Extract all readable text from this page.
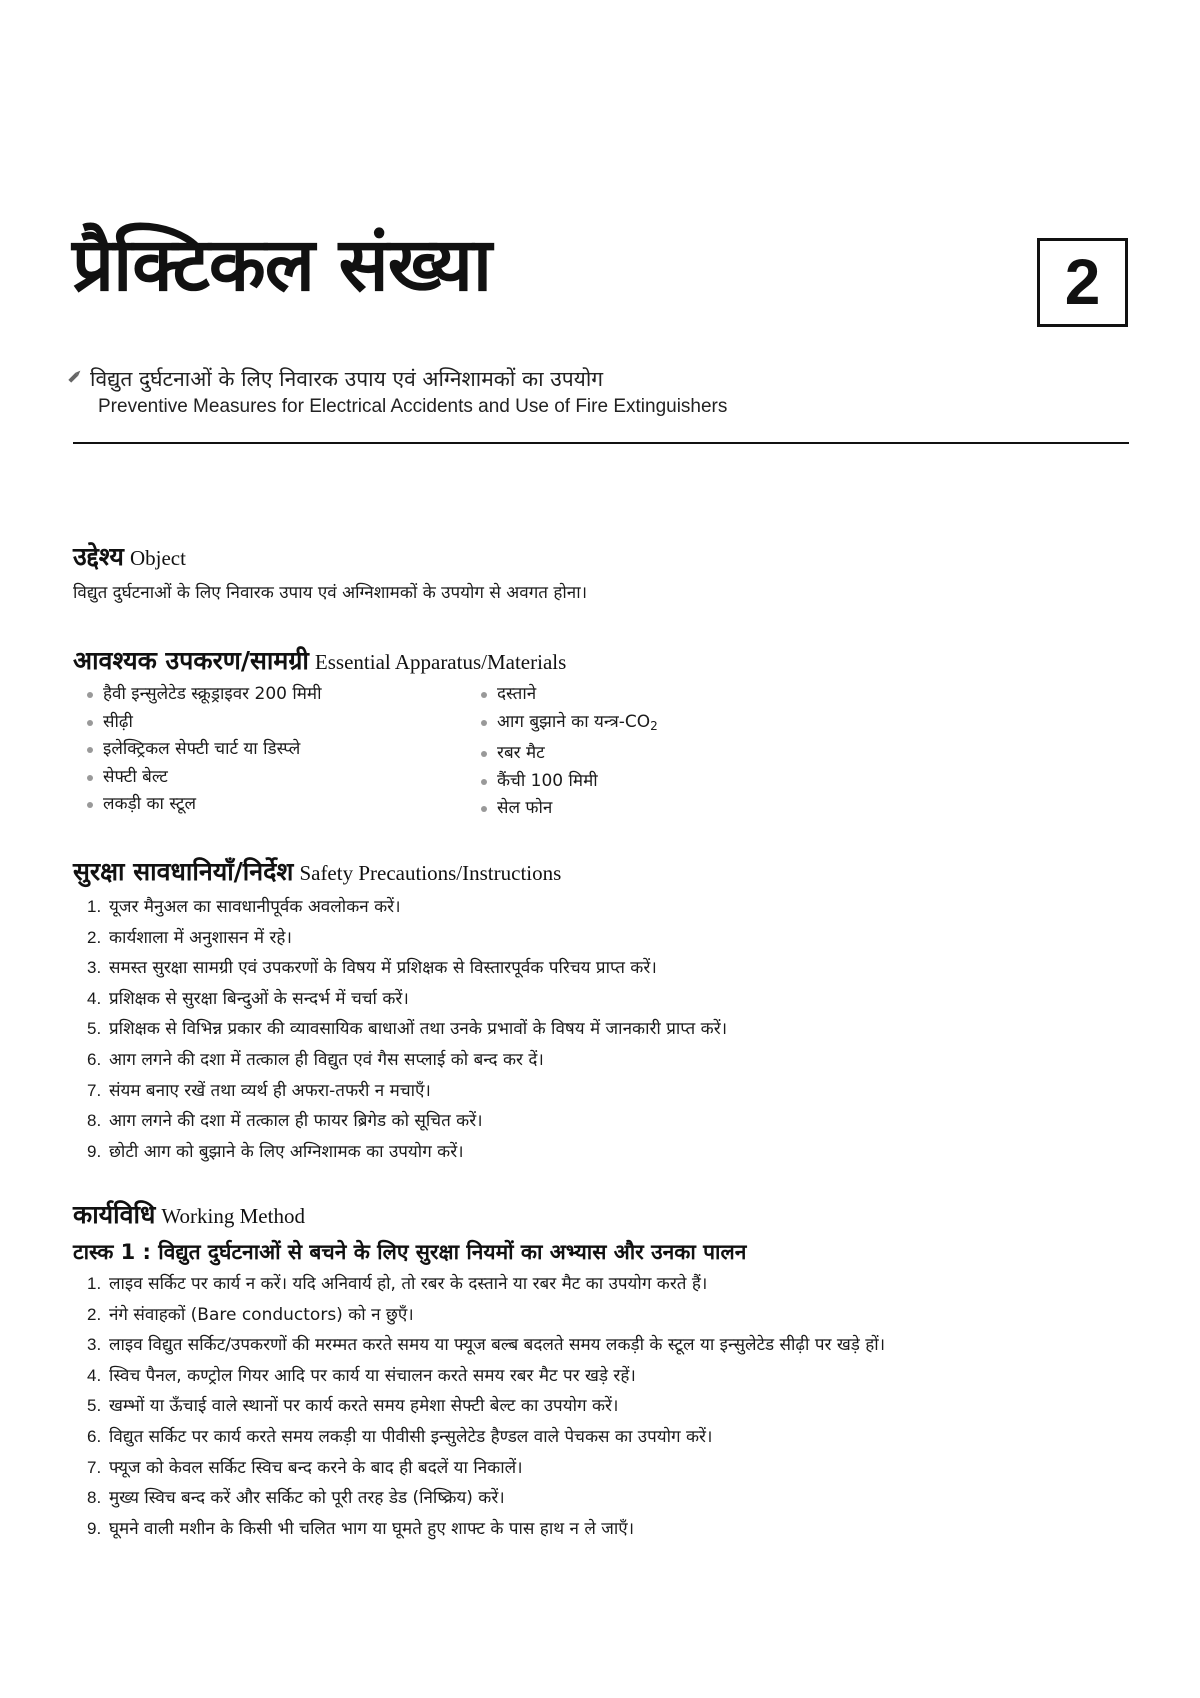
प्रैक्टिकल संख्या	2
विद्युत दुर्घटनाओं के लिए निवारक उपाय एवं अग्निशामकों का उपयोग
Preventive Measures for Electrical Accidents and Use of Fire Extinguishers
उद्देश्य Object
विद्युत दुर्घटनाओं के लिए निवारक उपाय एवं अग्निशामकों के उपयोग से अवगत होना।
आवश्यक उपकरण/सामग्री Essential Apparatus/Materials
हैवी इन्सुलेटेड स्क्रूड्राइवर 200 मिमी
सीढ़ी
इलेक्ट्रिकल सेफ्टी चार्ट या डिस्प्ले
सेफ्टी बेल्ट
लकड़ी का स्टूल
दस्ताने
आग बुझाने का $यन्त्र-CO_2$
रबर मैट
कैंची 100 मिमी
सेल फोन
सुरक्षा सावधानियाँ/निर्देश Safety Precautions/Instructions
1. यूजर मैनुअल का सावधानीपूर्वक अवलोकन करें।
2. कार्यशाला में अनुशासन में रहे।
3. समस्त सुरक्षा सामग्री एवं उपकरणों के विषय में प्रशिक्षक से विस्तारपूर्वक परिचय प्राप्त करें।
4. प्रशिक्षक से सुरक्षा बिन्दुओं के सन्दर्भ में चर्चा करें।
5. प्रशिक्षक से विभिन्न प्रकार की व्यावसायिक बाधाओं तथा उनके प्रभावों के विषय में जानकारी प्राप्त करें।
6. आग लगने की दशा में तत्काल ही विद्युत एवं गैस सप्लाई को बन्द कर दें।
7. संयम बनाए रखें तथा व्यर्थ ही अफरा-तफरी न मचाएँ।
8. आग लगने की दशा में तत्काल ही फायर ब्रिगेड को सूचित करें।
9. छोटी आग को बुझाने के लिए अग्निशामक का उपयोग करें।
कार्यविधि Working Method
टास्क 1 : विद्युत दुर्घटनाओं से बचने के लिए सुरक्षा नियमों का अभ्यास और उनका पालन
1. लाइव सर्किट पर कार्य न करें। यदि अनिवार्य हो, तो रबर के दस्ताने या रबर मैट का उपयोग करते हैं।
2. नंगे संवाहकों (Bare conductors) को न छुएँ।
3. लाइव विद्युत सर्किट/उपकरणों की मरम्मत करते समय या फ्यूज बल्ब बदलते समय लकड़ी के स्टूल या इन्सुलेटेड सीढ़ी पर खड़े हों।
4. स्विच पैनल, कण्ट्रोल गियर आदि पर कार्य या संचालन करते समय रबर मैट पर खड़े रहें।
5. खम्भों या ऊँचाई वाले स्थानों पर कार्य करते समय हमेशा सेफ्टी बेल्ट का उपयोग करें।
6. विद्युत सर्किट पर कार्य करते समय लकड़ी या पीवीसी इन्सुलेटेड हैण्डल वाले पेचकस का उपयोग करें।
7. फ्यूज को केवल सर्किट स्विच बन्द करने के बाद ही बदलें या निकालें।
8. मुख्य स्विच बन्द करें और सर्किट को पूरी तरह डेड (निष्क्रिय) करें।
9. घूमने वाली मशीन के किसी भी चलित भाग या घूमते हुए शाफ्ट के पास हाथ न ले जाएँ।
